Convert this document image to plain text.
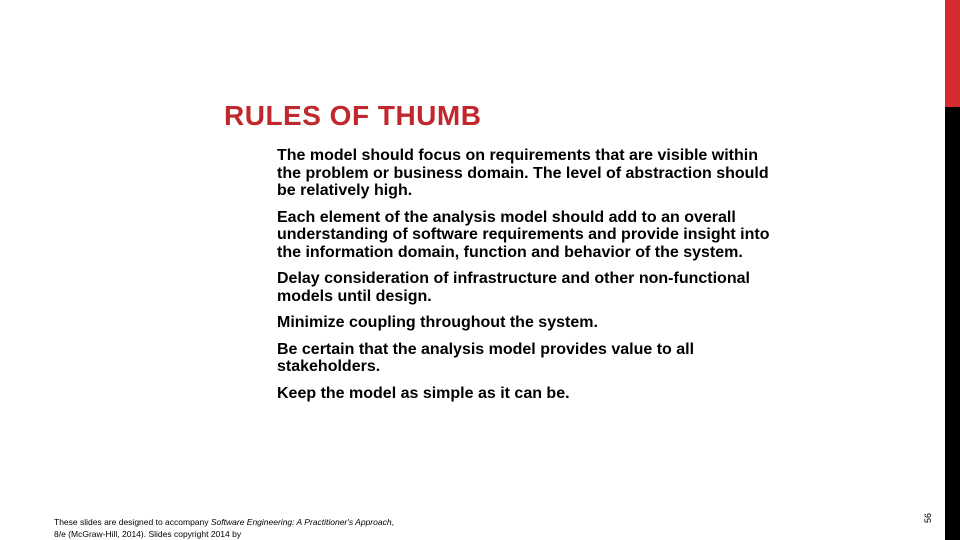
RULES OF THUMB
The model should focus on requirements that are visible within the problem or business domain. The level of abstraction should be relatively high.
Each element of the analysis model should add to an overall understanding of software requirements and provide insight into the information domain, function and behavior of the system.
Delay consideration of infrastructure and other non-functional models until design.
Minimize coupling throughout the system.
Be certain that the analysis model provides value to all stakeholders.
Keep the model as simple as it can be.
These slides are designed to accompany Software Engineering: A Practitioner's Approach, 8/e (McGraw-Hill, 2014). Slides copyright 2014 by
56
